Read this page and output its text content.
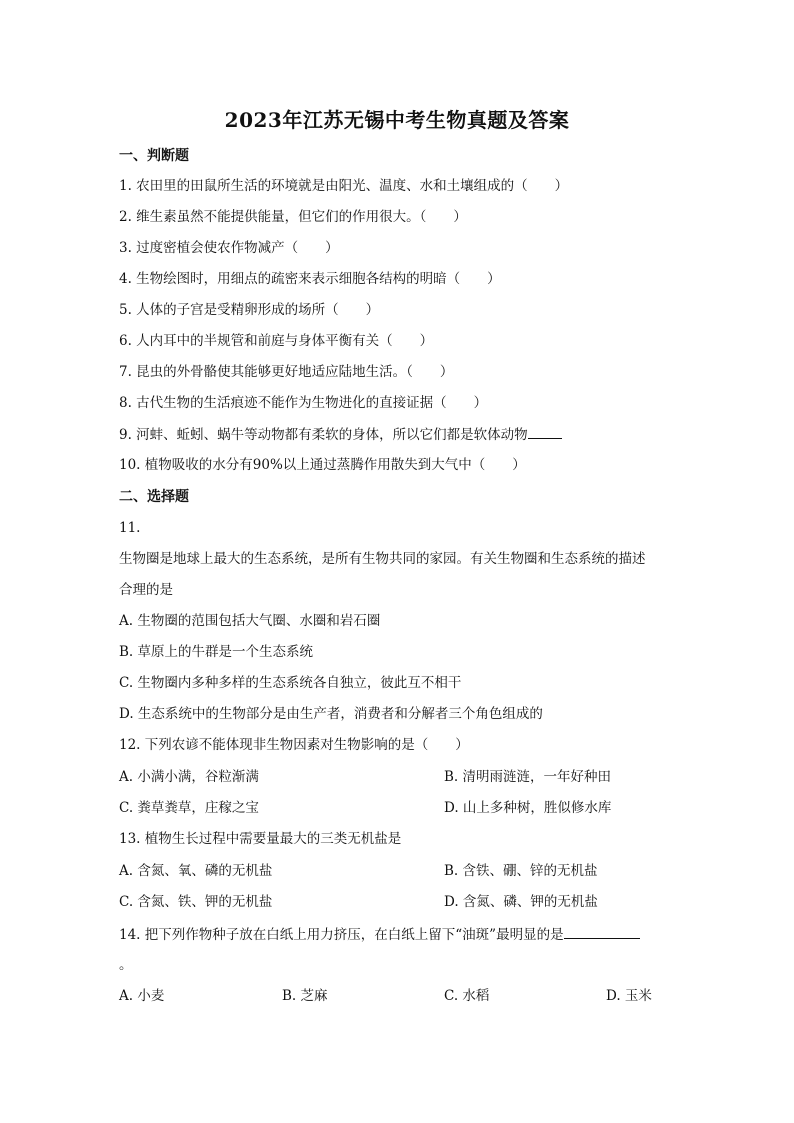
2023年江苏无锡中考生物真题及答案
一、判断题
1. 农田里的田鼠所生活的环境就是由阳光、温度、水和土壤组成的（　　）
2. 维生素虽然不能提供能量，但它们的作用很大。（　　）
3. 过度密植会使农作物减产（　　）
4. 生物绘图时，用细点的疏密来表示细胞各结构的明暗（　　）
5. 人体的子宫是受精卵形成的场所（　　）
6. 人内耳中的半规管和前庭与身体平衡有关（　　）
7. 昆虫的外骨骼使其能够更好地适应陆地生活。（　　）
8. 古代生物的生活痕迹不能作为生物进化的直接证据（　　）
9. 河蚌、蚯蚓、蜗牛等动物都有柔软的身体，所以它们都是软体动物
10. 植物吸收的水分有90%以上通过蒸腾作用散失到大气中（　　）
二、选择题
11.
生物圈是地球上最大的生态系统，是所有生物共同的家园。有关生物圈和生态系统的描述
合理的是
A. 生物圈的范围包括大气圈、水圈和岩石圈
B. 草原上的牛群是一个生态系统
C. 生物圈内多种多样的生态系统各自独立，彼此互不相干
D. 生态系统中的生物部分是由生产者，消费者和分解者三个角色组成的
12. 下列农谚不能体现非生物因素对生物影响的是（　　）
A. 小满小满，谷粒渐满	B. 清明雨涟涟，一年好种田
C. 粪草粪草，庄稼之宝	D. 山上多种树，胜似修水库
13. 植物生长过程中需要量最大的三类无机盐是
A. 含氮、氧、磷的无机盐	B. 含铁、硼、锌的无机盐
C. 含氮、铁、钾的无机盐	D. 含氮、磷、钾的无机盐
14. 把下列作物种子放在白纸上用力挤压，在白纸上留下“油斑”最明显的是
。
A. 小麦	B. 芝麻	C. 水稻	D. 玉米
